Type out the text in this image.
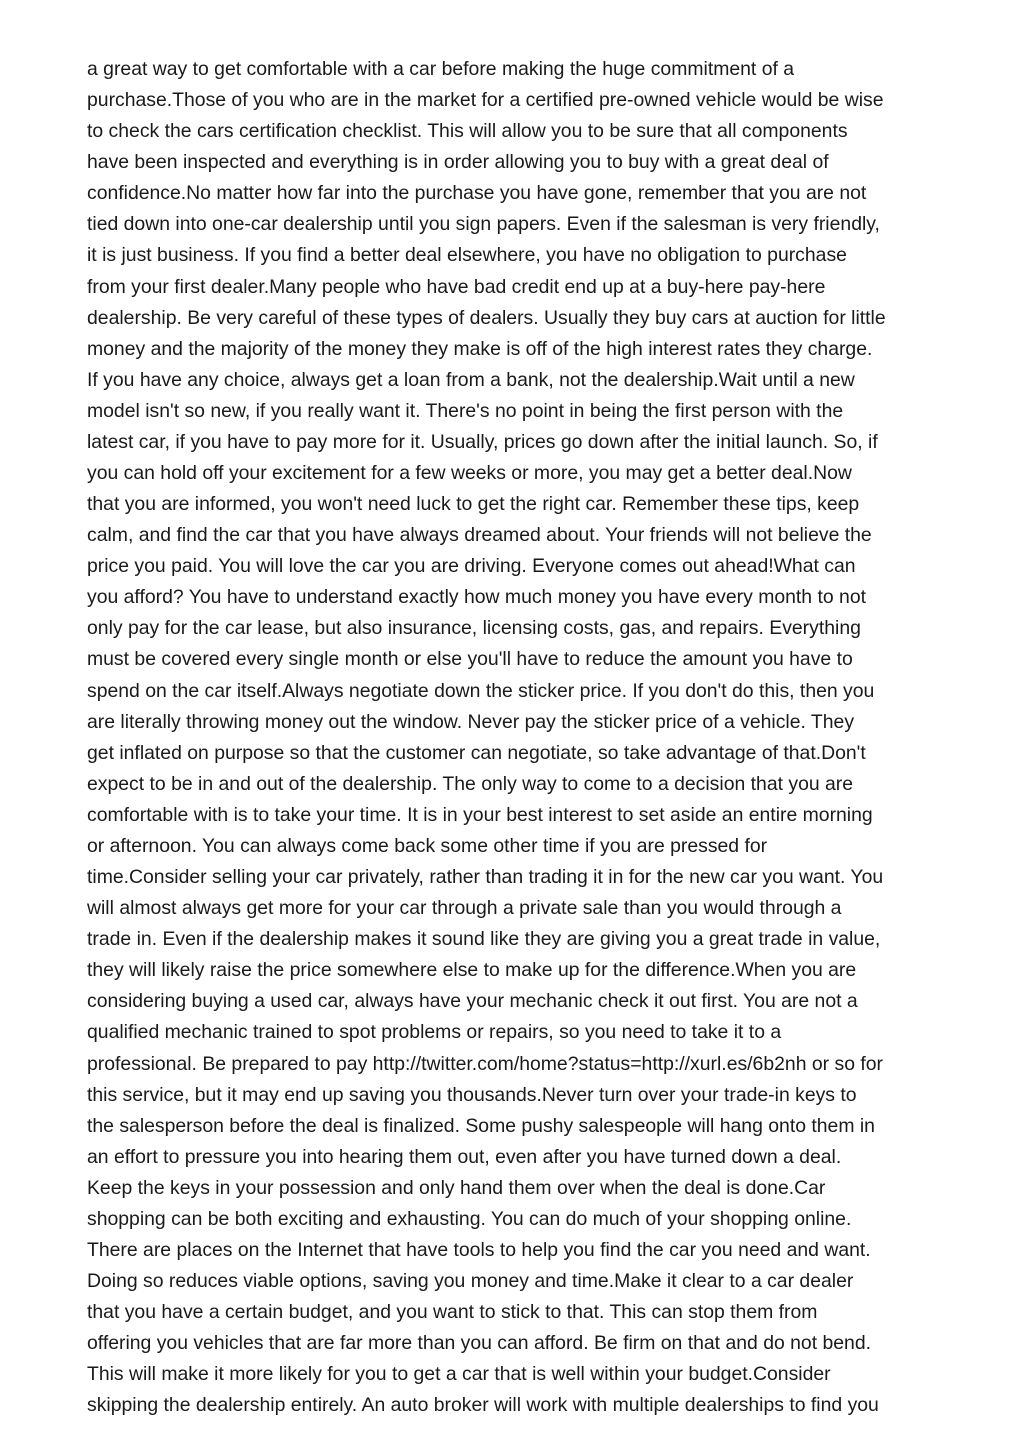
a great way to get comfortable with a car before making the huge commitment of a
purchase.Those of you who are in the market for a certified pre-owned vehicle would be wise
to check the cars certification checklist. This will allow you to be sure that all components
have been inspected and everything is in order allowing you to buy with a great deal of
confidence.No matter how far into the purchase you have gone, remember that you are not
tied down into one-car dealership until you sign papers. Even if the salesman is very friendly,
it is just business. If you find a better deal elsewhere, you have no obligation to purchase
from your first dealer.Many people who have bad credit end up at a buy-here pay-here
dealership. Be very careful of these types of dealers. Usually they buy cars at auction for little
money and the majority of the money they make is off of the high interest rates they charge.
If you have any choice, always get a loan from a bank, not the dealership.Wait until a new
model isn't so new, if you really want it. There's no point in being the first person with the
latest car, if you have to pay more for it. Usually, prices go down after the initial launch. So, if
you can hold off your excitement for a few weeks or more, you may get a better deal.Now
that you are informed, you won't need luck to get the right car. Remember these tips, keep
calm, and find the car that you have always dreamed about. Your friends will not believe the
price you paid. You will love the car you are driving. Everyone comes out ahead!What can
you afford? You have to understand exactly how much money you have every month to not
only pay for the car lease, but also insurance, licensing costs, gas, and repairs. Everything
must be covered every single month or else you'll have to reduce the amount you have to
spend on the car itself.Always negotiate down the sticker price. If you don't do this, then you
are literally throwing money out the window. Never pay the sticker price of a vehicle. They
get inflated on purpose so that the customer can negotiate, so take advantage of that.Don't
expect to be in and out of the dealership. The only way to come to a decision that you are
comfortable with is to take your time. It is in your best interest to set aside an entire morning
or afternoon. You can always come back some other time if you are pressed for
time.Consider selling your car privately, rather than trading it in for the new car you want. You
will almost always get more for your car through a private sale than you would through a
trade in. Even if the dealership makes it sound like they are giving you a great trade in value,
they will likely raise the price somewhere else to make up for the difference.When you are
considering buying a used car, always have your mechanic check it out first. You are not a
qualified mechanic trained to spot problems or repairs, so you need to take it to a
professional. Be prepared to pay http://twitter.com/home?status=http://xurl.es/6b2nh or so for
this service, but it may end up saving you thousands.Never turn over your trade-in keys to
the salesperson before the deal is finalized. Some pushy salespeople will hang onto them in
an effort to pressure you into hearing them out, even after you have turned down a deal.
Keep the keys in your possession and only hand them over when the deal is done.Car
shopping can be both exciting and exhausting. You can do much of your shopping online.
There are places on the Internet that have tools to help you find the car you need and want.
Doing so reduces viable options, saving you money and time.Make it clear to a car dealer
that you have a certain budget, and you want to stick to that. This can stop them from
offering you vehicles that are far more than you can afford. Be firm on that and do not bend.
This will make it more likely for you to get a car that is well within your budget.Consider
skipping the dealership entirely. An auto broker will work with multiple dealerships to find you
